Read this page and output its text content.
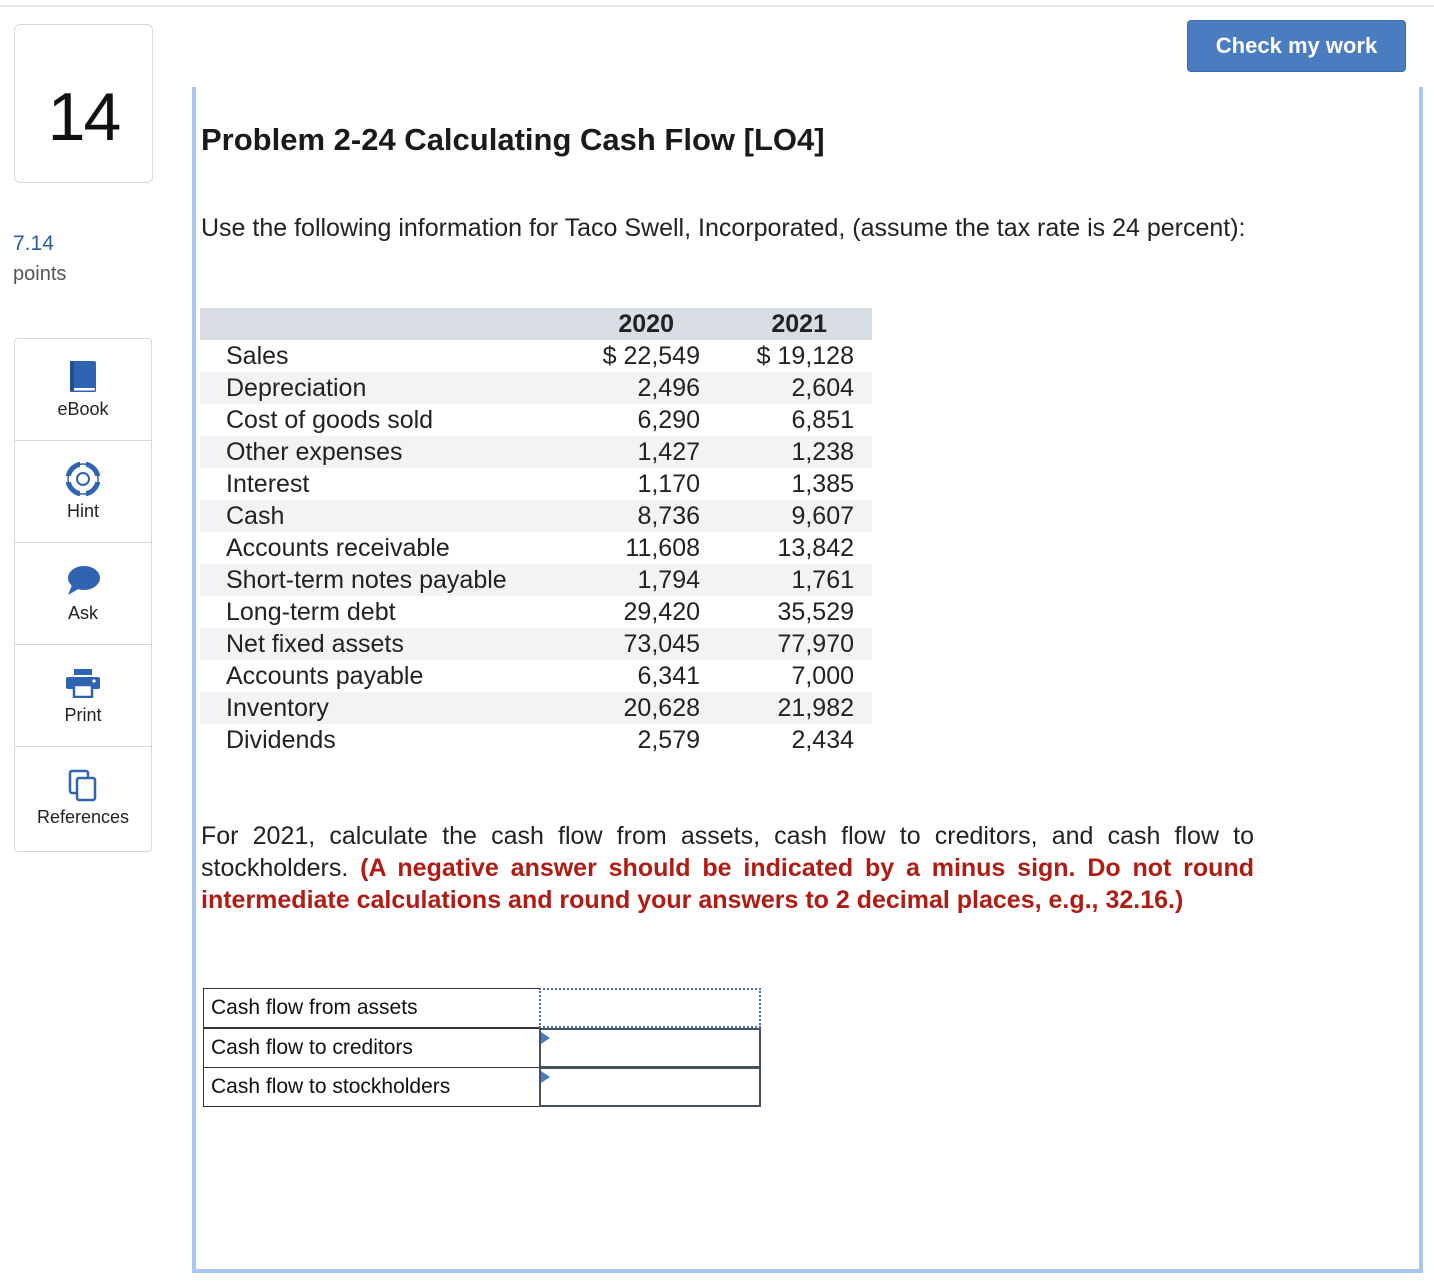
14
7.14
points
eBook
Hint
Ask
Print
References
Check my work
Problem 2-24 Calculating Cash Flow [LO4]
Use the following information for Taco Swell, Incorporated, (assume the tax rate is 24 percent):
	2020	2021
Sales	$ 22,549	$ 19,128
Depreciation	2,496	2,604
Cost of goods sold	6,290	6,851
Other expenses	1,427	1,238
Interest	1,170	1,385
Cash	8,736	9,607
Accounts receivable	11,608	13,842
Short-term notes payable	1,794	1,761
Long-term debt	29,420	35,529
Net fixed assets	73,045	77,970
Accounts payable	6,341	7,000
Inventory	20,628	21,982
Dividends	2,579	2,434
For 2021, calculate the cash flow from assets, cash flow to creditors, and cash flow to stockholders. (A negative answer should be indicated by a minus sign. Do not round intermediate calculations and round your answers to 2 decimal places, e.g., 32.16.)
Cash flow from assets
Cash flow to creditors
Cash flow to stockholders
